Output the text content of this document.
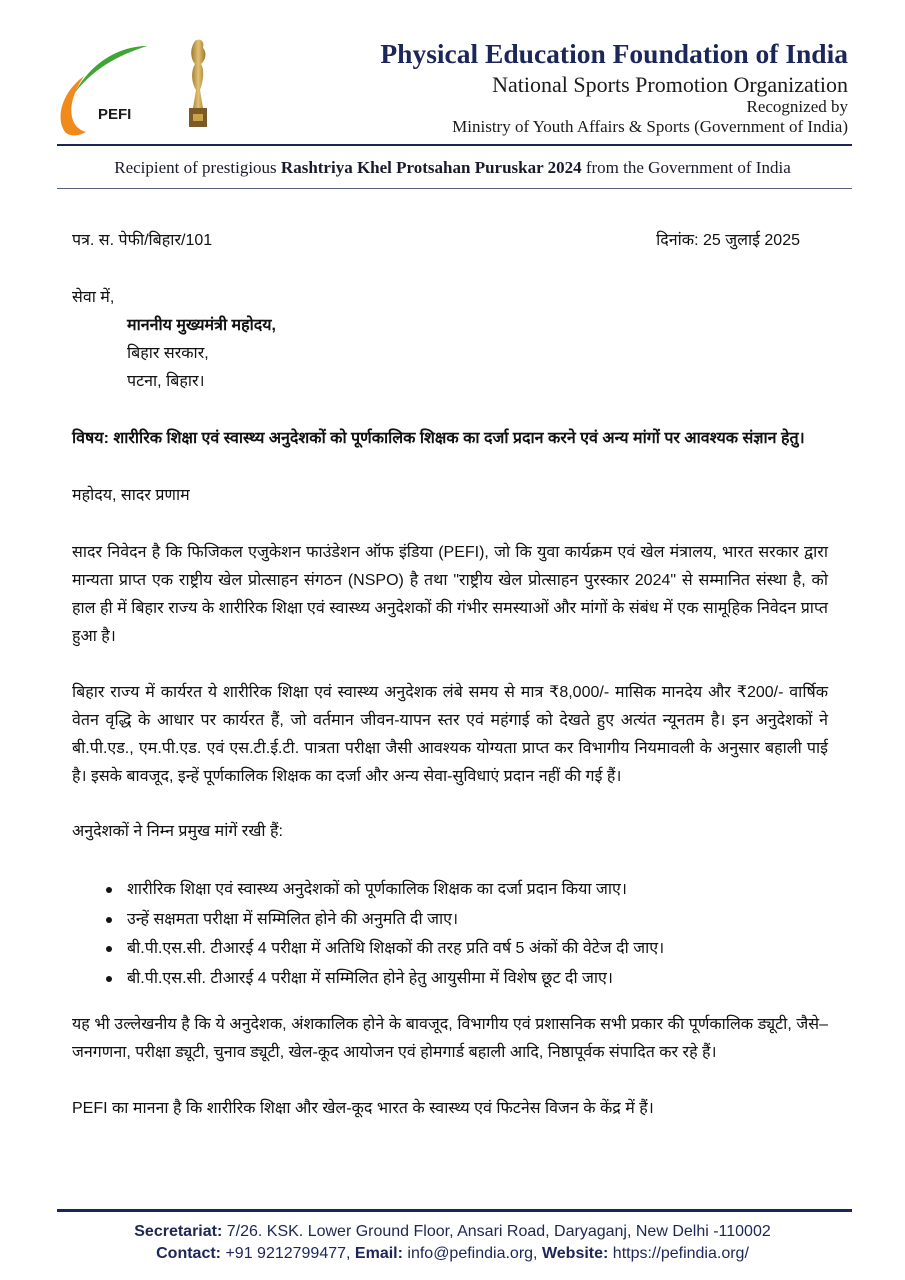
PEFI
Physical Education Foundation of India
National Sports Promotion Organization
Recognized by
Ministry of Youth Affairs & Sports (Government of India)
Recipient of prestigious Rashtriya Khel Protsahan Puruskar 2024 from the Government of India
पत्र. स. पेफी/बिहार/101	दिनांक: 25 जुलाई 2025
सेवा में,
माननीय मुख्यमंत्री महोदय,
बिहार सरकार,
पटना, बिहार।
विषय: शारीरिक शिक्षा एवं स्वास्थ्य अनुदेशकों को पूर्णकालिक शिक्षक का दर्जा प्रदान करने एवं अन्य मांगों पर आवश्यक संज्ञान हेतु।
महोदय, सादर प्रणाम
सादर निवेदन है कि फिजिकल एजुकेशन फाउंडेशन ऑफ इंडिया (PEFI), जो कि युवा कार्यक्रम एवं खेल मंत्रालय, भारत सरकार द्वारा मान्यता प्राप्त एक राष्ट्रीय खेल प्रोत्साहन संगठन (NSPO) है तथा "राष्ट्रीय खेल प्रोत्साहन पुरस्कार 2024" से सम्मानित संस्था है, को हाल ही में बिहार राज्य के शारीरिक शिक्षा एवं स्वास्थ्य अनुदेशकों की गंभीर समस्याओं और मांगों के संबंध में एक सामूहिक निवेदन प्राप्त हुआ है।
बिहार राज्य में कार्यरत ये शारीरिक शिक्षा एवं स्वास्थ्य अनुदेशक लंबे समय से मात्र ₹8,000/- मासिक मानदेय और ₹200/- वार्षिक वेतन वृद्धि के आधार पर कार्यरत हैं, जो वर्तमान जीवन-यापन स्तर एवं महंगाई को देखते हुए अत्यंत न्यूनतम है। इन अनुदेशकों ने बी.पी.एड., एम.पी.एड. एवं एस.टी.ई.टी. पात्रता परीक्षा जैसी आवश्यक योग्यता प्राप्त कर विभागीय नियमावली के अनुसार बहाली पाई है। इसके बावजूद, इन्हें पूर्णकालिक शिक्षक का दर्जा और अन्य सेवा-सुविधाएं प्रदान नहीं की गई हैं।
अनुदेशकों ने निम्न प्रमुख मांगें रखी हैं:
शारीरिक शिक्षा एवं स्वास्थ्य अनुदेशकों को पूर्णकालिक शिक्षक का दर्जा प्रदान किया जाए।
उन्हें सक्षमता परीक्षा में सम्मिलित होने की अनुमति दी जाए।
बी.पी.एस.सी. टीआरई 4 परीक्षा में अतिथि शिक्षकों की तरह प्रति वर्ष 5 अंकों की वेटेज दी जाए।
बी.पी.एस.सी. टीआरई 4 परीक्षा में सम्मिलित होने हेतु आयुसीमा में विशेष छूट दी जाए।
यह भी उल्लेखनीय है कि ये अनुदेशक, अंशकालिक होने के बावजूद, विभागीय एवं प्रशासनिक सभी प्रकार की पूर्णकालिक ड्यूटी, जैसे–जनगणना, परीक्षा ड्यूटी, चुनाव ड्यूटी, खेल-कूद आयोजन एवं होमगार्ड बहाली आदि, निष्ठापूर्वक संपादित कर रहे हैं।
PEFI का मानना है कि शारीरिक शिक्षा और खेल-कूद भारत के स्वास्थ्य एवं फिटनेस विजन के केंद्र में हैं।
Secretariat: 7/26. KSK. Lower Ground Floor, Ansari Road, Daryaganj, New Delhi -110002
Contact: +91 9212799477, Email: info@pefindia.org, Website: https://pefindia.org/
